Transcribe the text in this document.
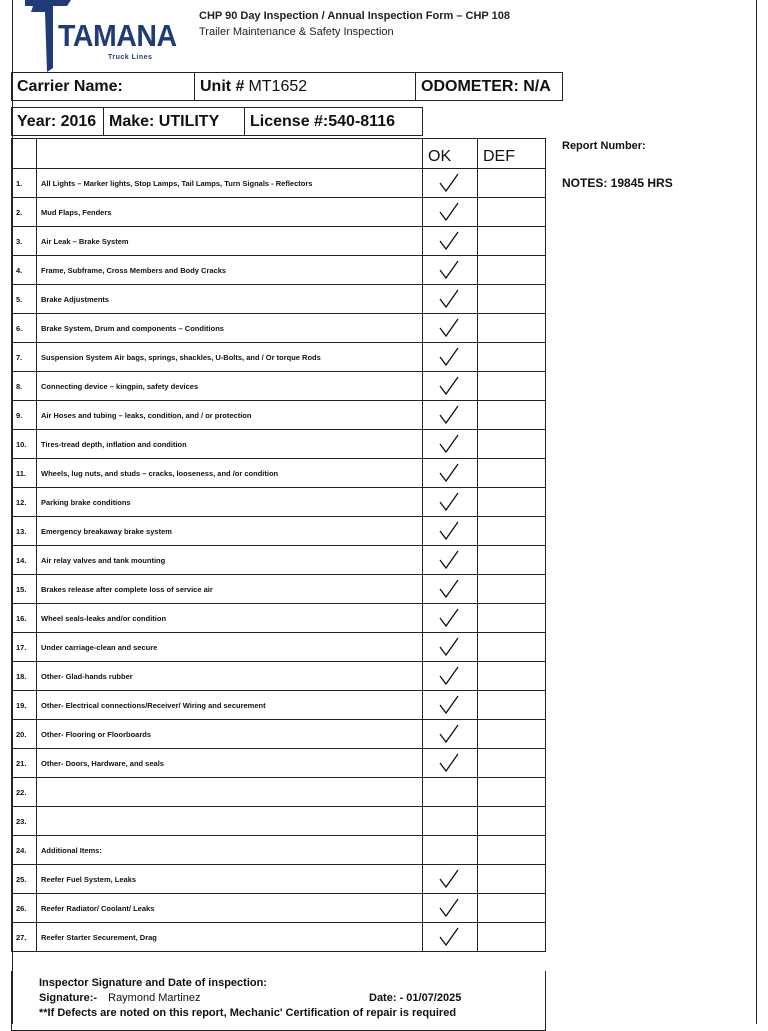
TAMANA
Truck Lines
CHP 90 Day Inspection / Annual Inspection Form – CHP 108
Trailer Maintenance & Safety Inspection
Carrier Name:	Unit # MT1652	ODOMETER: N/A
Year: 2016 Make: UTILITY License #:540-8116
Report Number:
NOTES: 19845 HRS
		OK	DEF
1.	All Lights – Marker lights, Stop Lamps, Tail Lamps, Turn Signals - Reflectors	

2.	Mud Flaps, Fenders	

3.	Air Leak – Brake System	

4.	Frame, Subframe, Cross Members and Body Cracks	

5.	Brake Adjustments	

6.	Brake System, Drum and components – Conditions	

7.	Suspension System Air bags, springs, shackles, U-Bolts, and / Or torque Rods	

8.	Connecting device – kingpin, safety devices	

9.	Air Hoses and tubing – leaks, condition, and / or protection	

10.	Tires-tread depth, inflation and condition	

11.	Wheels, lug nuts, and studs – cracks, looseness, and /or condition	

12.	Parking brake conditions	

13.	Emergency breakaway brake system	

14.	Air relay valves and tank mounting	

15.	Brakes release after complete loss of service air	

16.	Wheel seals-leaks and/or condition	

17.	Under carriage-clean and secure	

18.	Other- Glad-hands rubber	

19.	Other- Electrical connections/Receiver/ Wiring and securement	

20.	Other- Flooring or Floorboards	

21.	Other- Doors, Hardware, and seals	

22.			
23.			
24.	Additional Items:		
25.	Reefer Fuel System, Leaks	

26.	Reefer Radiator/ Coolant/ Leaks	

27.	Reefer Starter Securement, Drag	

Inspector Signature and Date of inspection:
Signature:- Raymond Martinez	Date: - 01/07/2025
**If Defects are noted on this report, Mechanic' Certification of repair is required
